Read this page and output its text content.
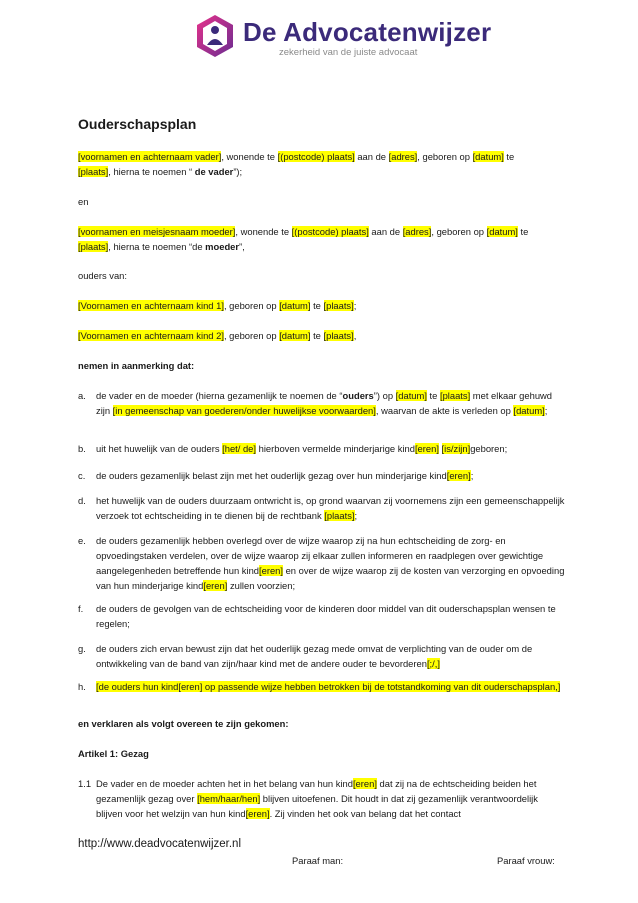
De Advocatenwijzer
zekerheid van de juiste advocaat
Ouderschapsplan
[voornamen en achternaam vader], wonende te [(postcode) plaats] aan de [adres], geboren op [datum] te
[plaats], hierna te noemen “ de vader”);
en
[voornamen en meisjesnaam moeder], wonende te [(postcode) plaats] aan de [adres], geboren op [datum] te
[plaats], hierna te noemen “de moeder”,
ouders van:
[Voornamen en achternaam kind 1], geboren op [datum] te [plaats];
[Voornamen en achternaam kind 2], geboren op [datum] te [plaats],
nemen in aanmerking dat:
a. de vader en de moeder (hierna gezamenlijk te noemen de “ouders”) op [datum] te [plaats] met elkaar gehuwd zijn [in gemeenschap van goederen/onder huwelijkse voorwaarden], waarvan de akte is verleden op [datum];
b. uit het huwelijk van de ouders [het/ de] hierboven vermelde minderjarige kind[eren] [is/zijn]geboren;
c. de ouders gezamenlijk belast zijn met het ouderlijk gezag over hun minderjarige kind[eren];
d. het huwelijk van de ouders duurzaam ontwricht is, op grond waarvan zij voornemens zijn een gemeenschappelijk verzoek tot echtscheiding in te dienen bij de rechtbank [plaats];
e. de ouders gezamenlijk hebben overlegd over de wijze waarop zij na hun echtscheiding de zorg- en opvoedingstaken verdelen, over de wijze waarop zij elkaar zullen informeren en raadplegen over gewichtige aangelegenheden betreffende hun kind[eren] en over de wijze waarop zij de kosten van verzorging en opvoeding van hun minderjarige kind[eren] zullen voorzien;
f. de ouders de gevolgen van de echtscheiding voor de kinderen door middel van dit ouderschapsplan wensen te regelen;
g. de ouders zich ervan bewust zijn dat het ouderlijk gezag mede omvat de verplichting van de ouder om de ontwikkeling van de band van zijn/haar kind met de andere ouder te bevorderen[;/,]
h. [de ouders hun kind[eren] op passende wijze hebben betrokken bij de totstandkoming van dit ouderschapsplan,]
en verklaren als volgt overeen te zijn gekomen:
Artikel 1: Gezag
1.1 De vader en de moeder achten het in het belang van hun kind[eren] dat zij na de echtscheiding beiden het gezamenlijk gezag over [hem/haar/hen] blijven uitoefenen. Dit houdt in dat zij gezamenlijk verantwoordelijk blijven voor het welzijn van hun kind[eren]. Zij vinden het ook van belang dat het contact
http://www.deadvocatenwijzer.nl
Paraaf man:	Paraaf vrouw:
